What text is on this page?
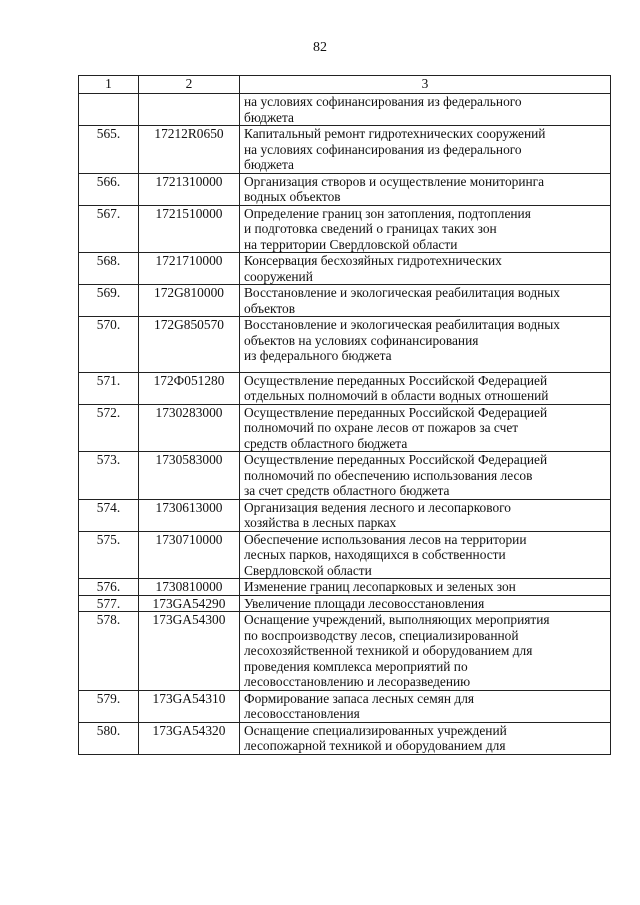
82
1	2	3

		на условиях софинансирования из федерального
бюджета

565.	17212R0650	Капитальный ремонт гидротехнических сооружений
на условиях софинансирования из федерального
бюджета

566.	1721310000	Организация створов и осуществление мониторинга
водных объектов

567.	1721510000	Определение границ зон затопления, подтопления
и подготовка сведений о границах таких зон
на территории Свердловской области

568.	1721710000	Консервация бесхозяйных гидротехнических
сооружений

569.	172G810000	Восстановление и экологическая реабилитация водных
объектов

570.	172G850570	Восстановление и экологическая реабилитация водных
объектов на условиях софинансирования
из федерального бюджета

571.	172Ф051280	Осуществление переданных Российской Федерацией
отдельных полномочий в области водных отношений

572.	1730283000	Осуществление переданных Российской Федерацией
полномочий по охране лесов от пожаров за счет
средств областного бюджета

573.	1730583000	Осуществление переданных Российской Федерацией
полномочий по обеспечению использования лесов
за счет средств областного бюджета

574.	1730613000	Организация ведения лесного и лесопаркового
хозяйства в лесных парках

575.	1730710000	Обеспечение использования лесов на территории
лесных парков, находящихся в собственности
Свердловской области

576.	1730810000	Изменение границ лесопарковых и зеленых зон

577.	173GA54290	Увеличение площади лесовосстановления

578.	173GA54300	Оснащение учреждений, выполняющих мероприятия
по воспроизводству лесов, специализированной
лесохозяйственной техникой и оборудованием для
проведения комплекса мероприятий по
лесовосстановлению и лесоразведению

579.	173GA54310	Формирование запаса лесных семян для
лесовосстановления

580.	173GA54320	Оснащение специализированных учреждений
лесопожарной техникой и оборудованием для
